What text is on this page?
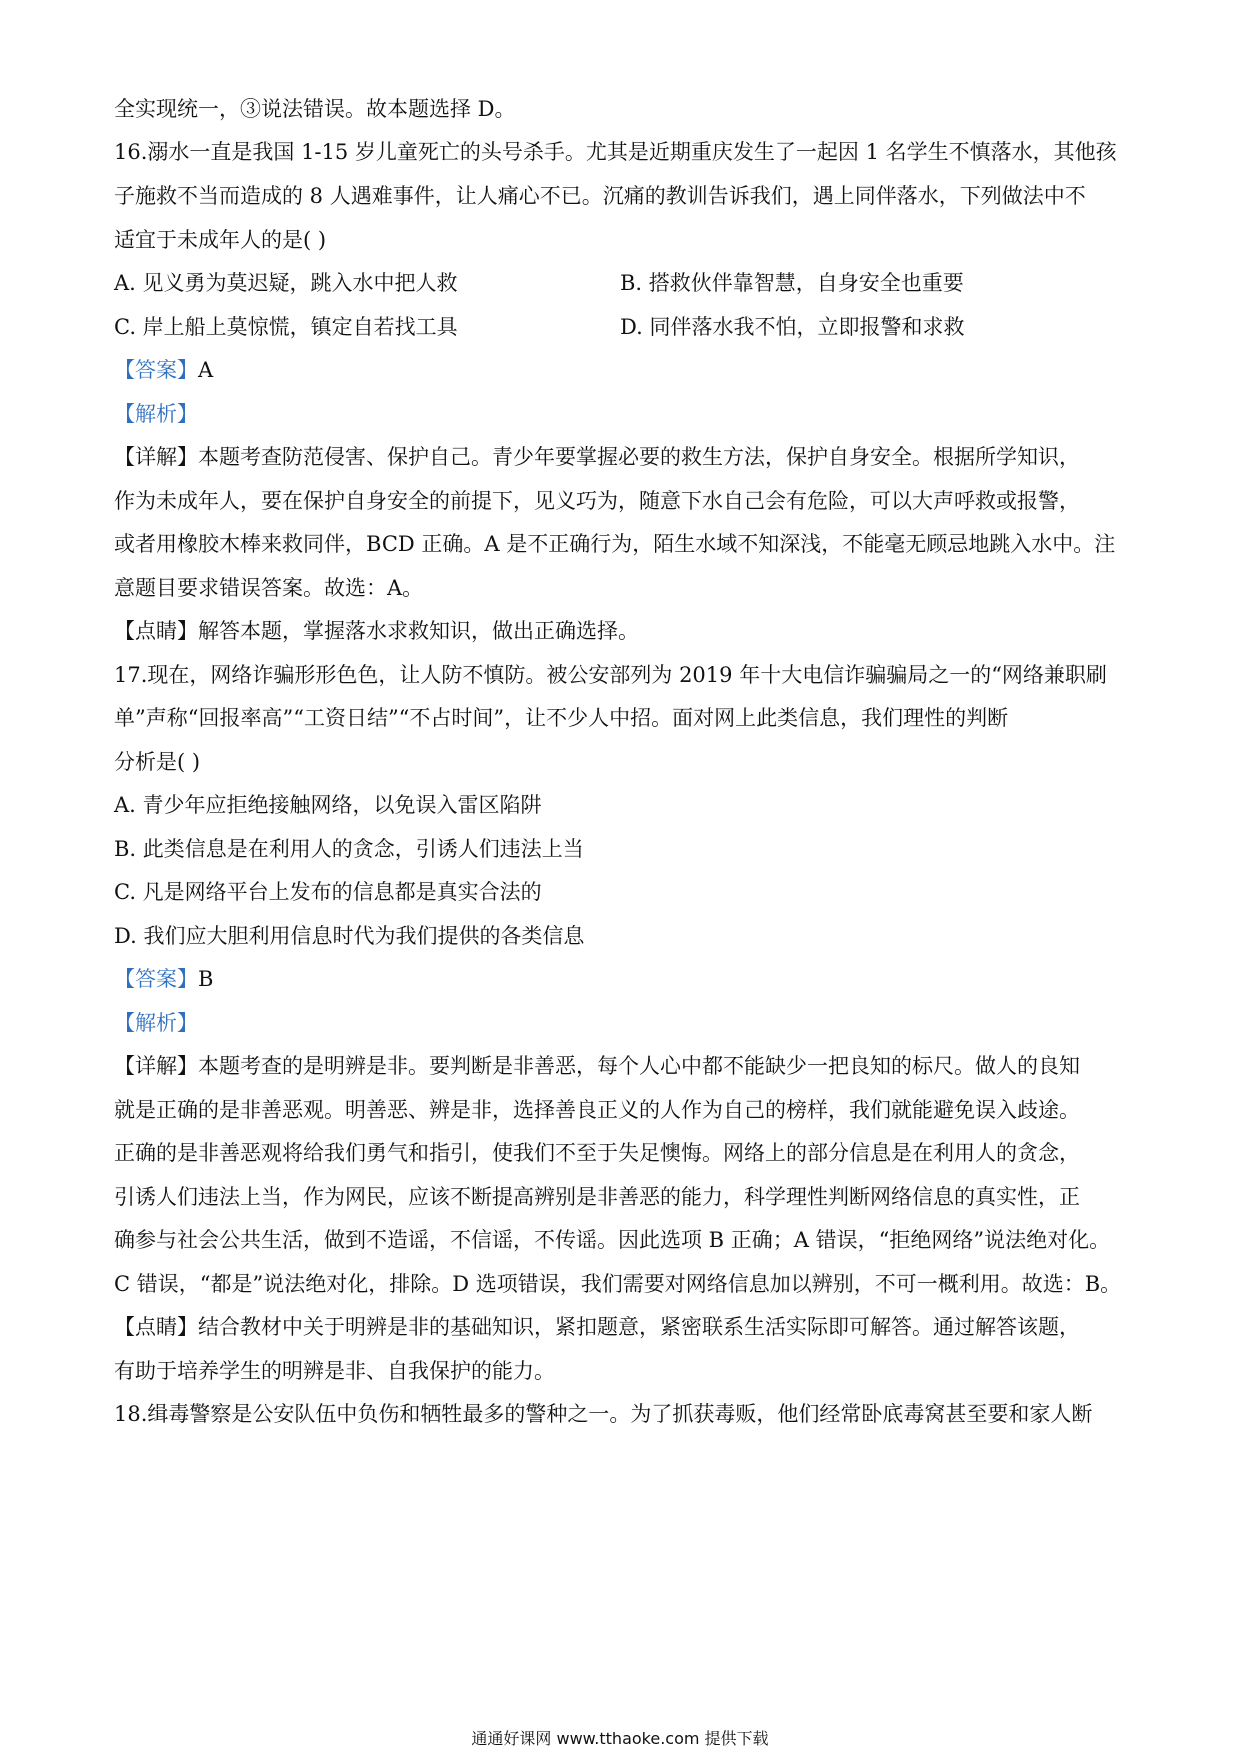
全实现统一，③说法错误。故本题选择 D。
16.溺水一直是我国 1-15 岁儿童死亡的头号杀手。尤其是近期重庆发生了一起因 1 名学生不慎落水，其他孩
子施救不当而造成的 8 人遇难事件，让人痛心不已。沉痛的教训告诉我们，遇上同伴落水，下列做法中不
适宜于未成年人的是( )
A. 见义勇为莫迟疑，跳入水中把人救	B. 搭救伙伴靠智慧，自身安全也重要
C. 岸上船上莫惊慌，镇定自若找工具	D. 同伴落水我不怕，立即报警和求救
【答案】A
【解析】
【详解】本题考查防范侵害、保护自己。青少年要掌握必要的救生方法，保护自身安全。根据所学知识，
作为未成年人，要在保护自身安全的前提下，见义巧为，随意下水自己会有危险，可以大声呼救或报警，
或者用橡胶木棒来救同伴，BCD 正确。A 是不正确行为，陌生水域不知深浅，不能毫无顾忌地跳入水中。注
意题目要求错误答案。故选：A。
【点睛】解答本题，掌握落水求救知识，做出正确选择。
17.现在，网络诈骗形形色色，让人防不慎防。被公安部列为 2019 年十大电信诈骗骗局之一的“网络兼职刷
单”声称“回报率高”“工资日结”“不占时间”，让不少人中招。面对网上此类信息，我们理性的判断
分析是( )
A. 青少年应拒绝接触网络，以免误入雷区陷阱
B. 此类信息是在利用人的贪念，引诱人们违法上当
C. 凡是网络平台上发布的信息都是真实合法的
D. 我们应大胆利用信息时代为我们提供的各类信息
【答案】B
【解析】
【详解】本题考查的是明辨是非。要判断是非善恶，每个人心中都不能缺少一把良知的标尺。做人的良知
就是正确的是非善恶观。明善恶、辨是非，选择善良正义的人作为自己的榜样，我们就能避免误入歧途。
正确的是非善恶观将给我们勇气和指引，使我们不至于失足懊悔。网络上的部分信息是在利用人的贪念，
引诱人们违法上当，作为网民，应该不断提高辨别是非善恶的能力，科学理性判断网络信息的真实性，正
确参与社会公共生活，做到不造谣，不信谣，不传谣。因此选项 B 正确；A 错误，“拒绝网络”说法绝对化。
C 错误，“都是”说法绝对化，排除。D 选项错误，我们需要对网络信息加以辨别，不可一概利用。故选：B。
【点睛】结合教材中关于明辨是非的基础知识，紧扣题意，紧密联系生活实际即可解答。通过解答该题，
有助于培养学生的明辨是非、自我保护的能力。
18.缉毒警察是公安队伍中负伤和牺牲最多的警种之一。为了抓获毒贩，他们经常卧底毒窝甚至要和家人断
通通好课网 www.tthaoke.com 提供下载
